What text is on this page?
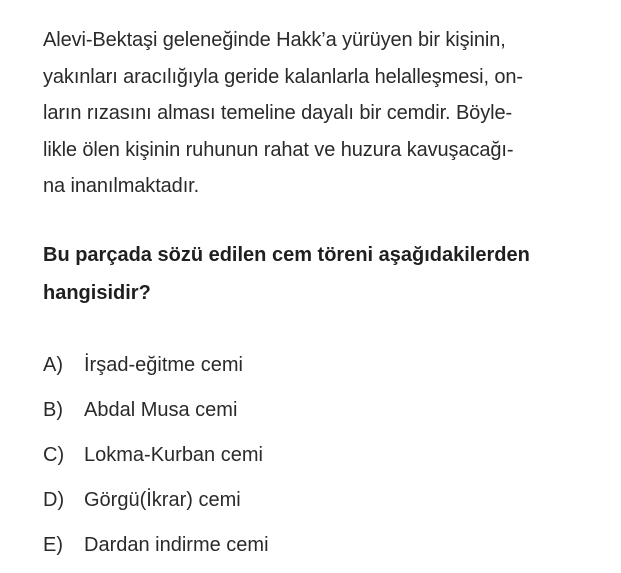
Alevi-Bektaşi geleneğinde Hakk’a yürüyen bir kişinin,
yakınları aracılığıyla geride kalanlarla helalleşmesi, on-
ların rızasını alması temeline dayalı bir cemdir. Böyle-
likle ölen kişinin ruhunun rahat ve huzura kavuşacağı-
na inanılmaktadır.

Bu parçada sözü edilen cem töreni aşağıdakilerden
hangisidir?

A)	İrşad-eğitme cemi
B)	Abdal Musa cemi
C) Lokma-Kurban cemi
D) Görgü(İkrar) cemi
E)	Dardan indirme cemi
